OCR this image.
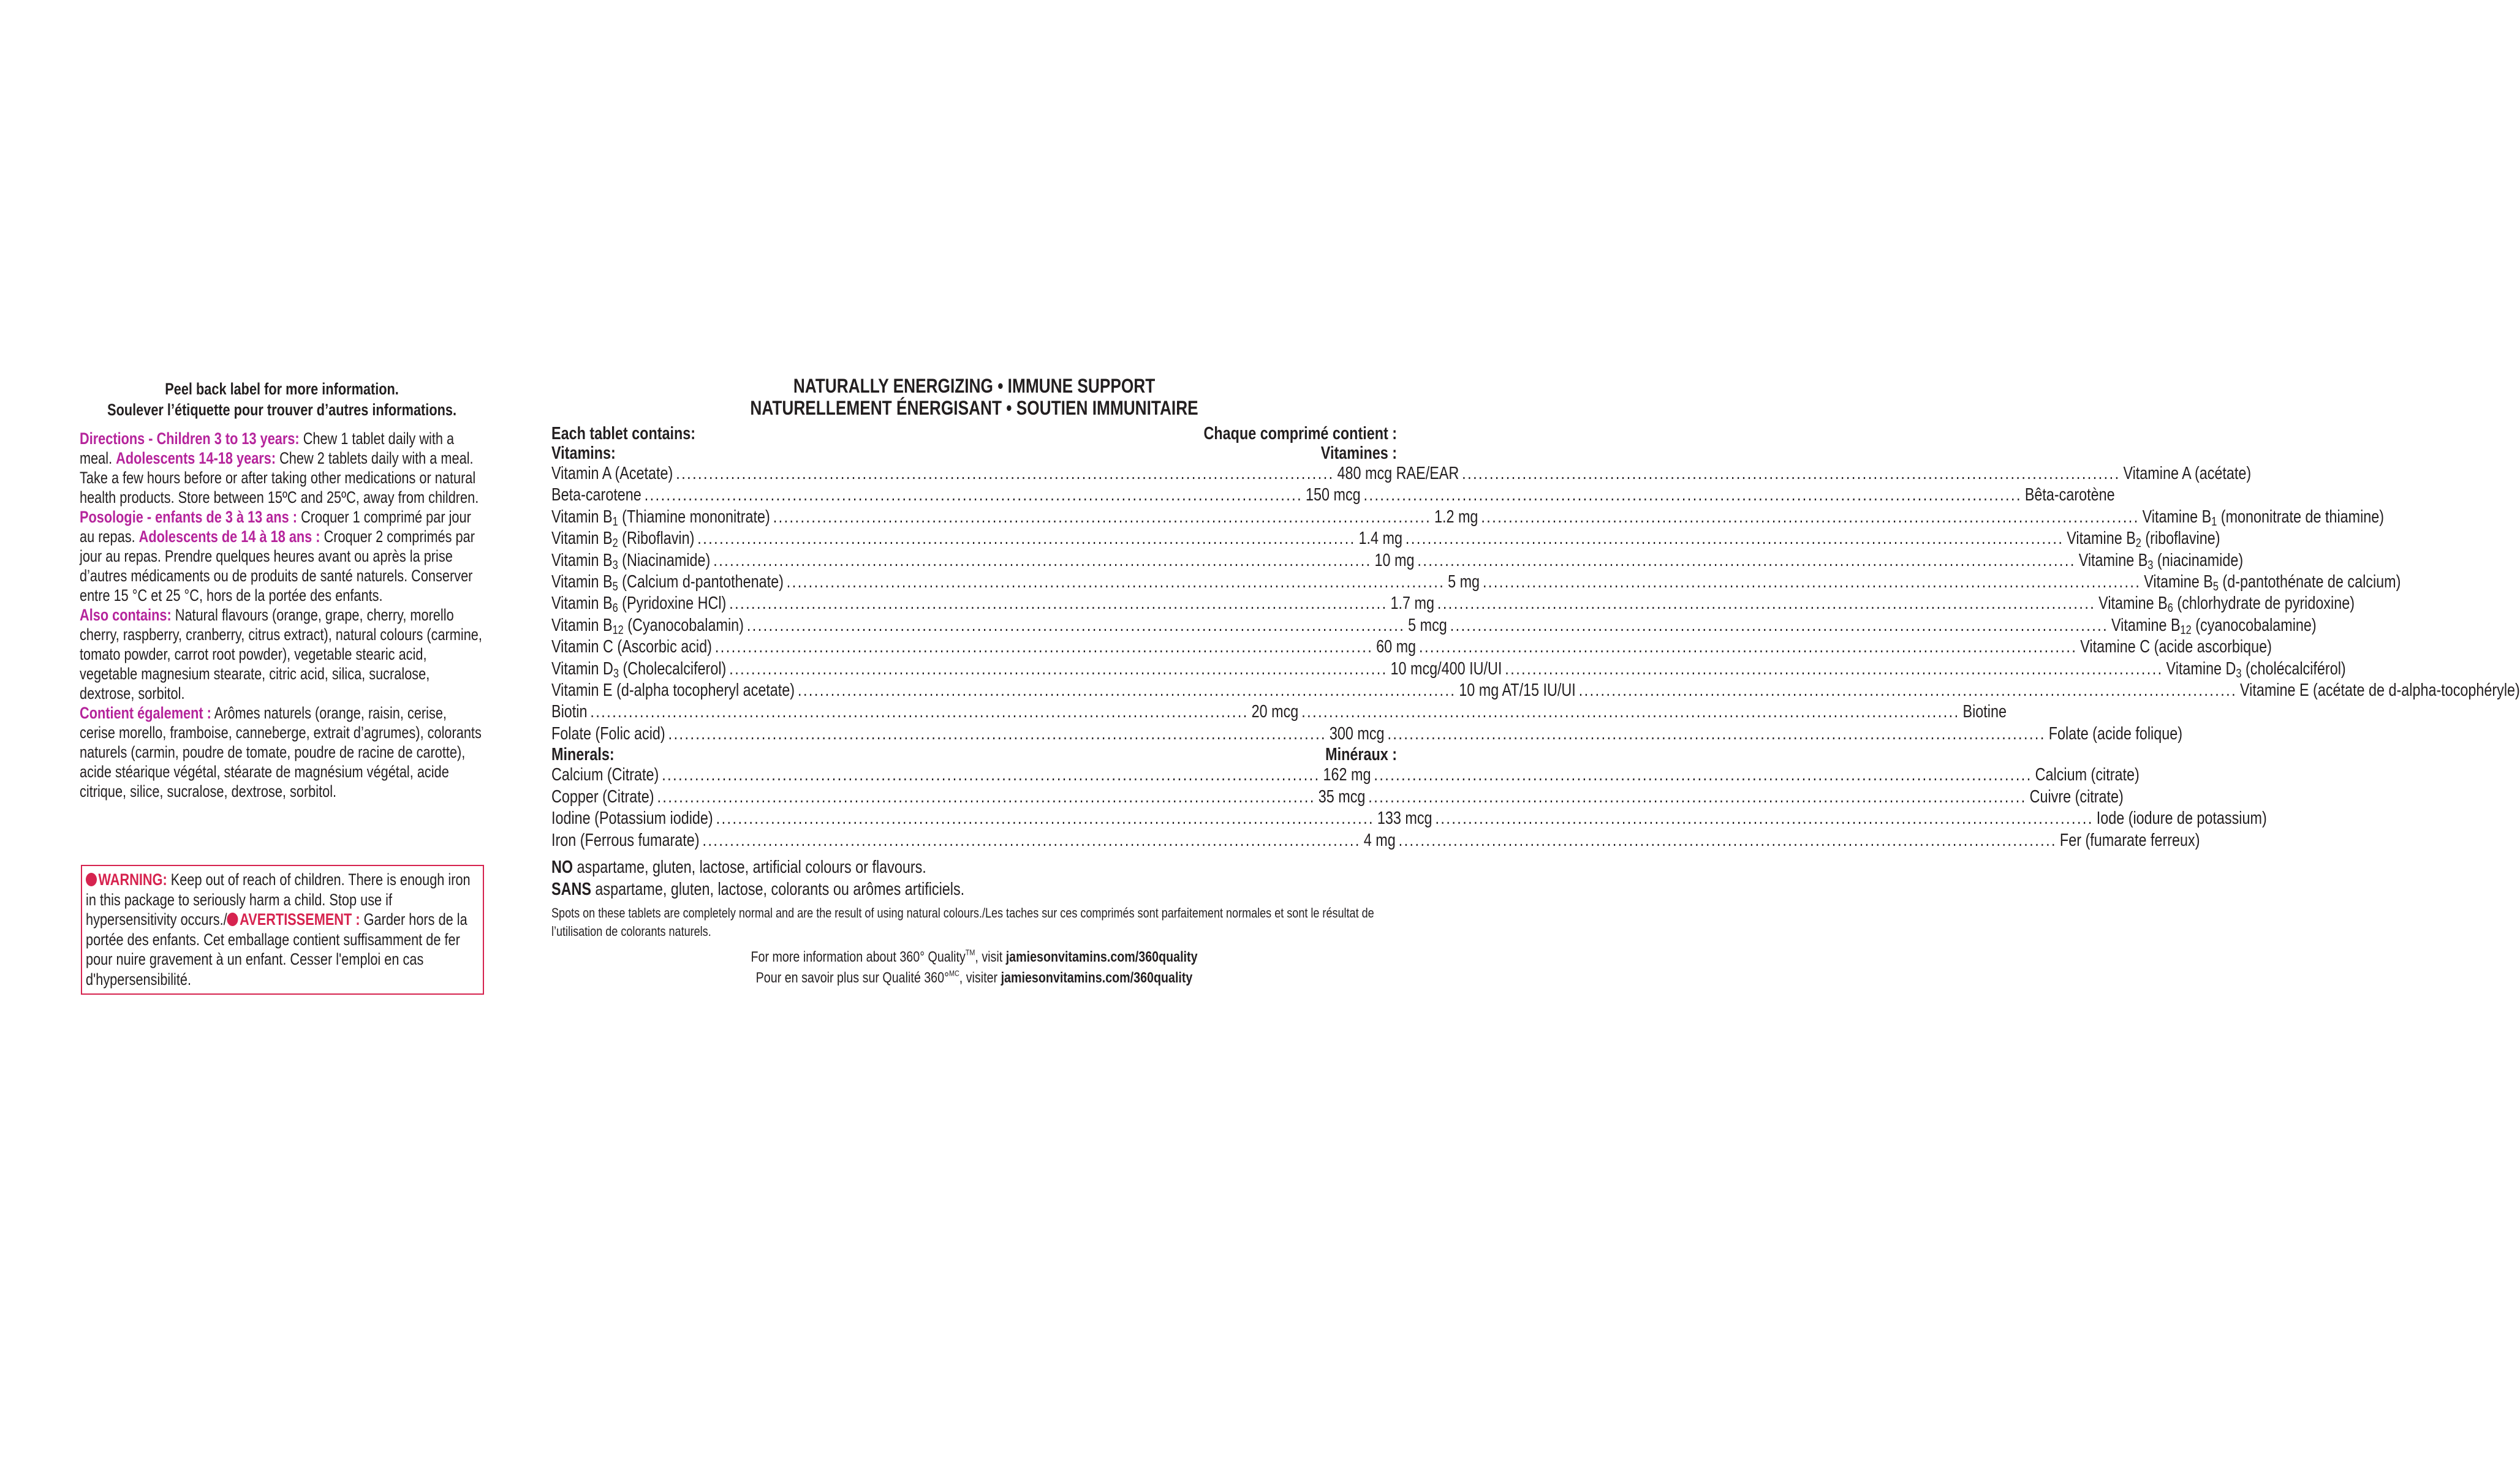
Peel back label for more information.
Soulever l’étiquette pour trouver d’autres informations.

Directions - Children 3 to 13 years: Chew 1 tablet daily with a meal. Adolescents 14-18 years: Chew 2 tablets daily with a meal. Take a few hours before or after taking other medications or natural health products. Store between 15ºC and 25ºC, away from children.

Posologie - enfants de 3 à 13 ans : Croquer 1 comprimé par jour au repas. Adolescents de 14 à 18 ans : Croquer 2 comprimés par jour au repas. Prendre quelques heures avant ou après la prise d’autres médicaments ou de produits de santé naturels. Conserver entre 15 °C et 25 °C, hors de la portée des enfants.

Also contains: Natural flavours (orange, grape, cherry, morello cherry, raspberry, cranberry, citrus extract), natural colours (carmine, tomato powder, carrot root powder), vegetable stearic acid, vegetable magnesium stearate, citric acid, silica, sucralose, dextrose, sorbitol.

Contient également : Arômes naturels (orange, raisin, cerise, cerise morello, framboise, canneberge, extrait d’agrumes), colorants naturels (carmin, poudre de tomate, poudre de racine de carotte), acide stéarique végétal, stéarate de magnésium végétal, acide citrique, silice, sucralose, dextrose, sorbitol.

WARNING: Keep out of reach of children. There is enough iron in this package to seriously harm a child. Stop use if hypersensitivity occurs./ AVERTISSEMENT : Garder hors de la portée des enfants. Cet emballage contient suffisamment de fer pour nuire gravement à un enfant. Cesser l'emploi en cas d'hypersensibilité.
NATURALLY ENERGIZING • IMMUNE SUPPORT
NATURELLEMENT ÉNERGISANT • SOUTIEN IMMUNITAIRE
Each tablet contains:	Chaque comprimé contient :
Vitamins:	Vitamines :
Vitamin A (Acetate) ........................................................................................................................ 480 mcg RAE/EAR ........................................................................................................................ Vitamine A (acétate)
Beta-carotene ........................................................................................................................ 150 mcg ........................................................................................................................ Bêta-carotène
Vitamin $B_1$ (Thiamine mononitrate) ........................................................................................................................ 1.2 mg ........................................................................................................................ Vitamine $B_1$ (mononitrate de thiamine)
Vitamin $B_2$ (Riboflavin) ........................................................................................................................ 1.4 mg ........................................................................................................................ Vitamine $B_2$ (riboflavine)
Vitamin $B_3$ (Niacinamide) ........................................................................................................................ 10 mg ........................................................................................................................ Vitamine $B_3$ (niacinamide)
Vitamin $B_5$ (Calcium d-pantothenate) ........................................................................................................................ 5 mg ........................................................................................................................ Vitamine $B_5$ (d-pantothénate de calcium)
Vitamin $B_6$ (Pyridoxine HCl) ........................................................................................................................ 1.7 mg ........................................................................................................................ Vitamine $B_6$ (chlorhydrate de pyridoxine)
Vitamin $B_{12}$ (Cyanocobalamin) ........................................................................................................................ 5 mcg ........................................................................................................................ Vitamine $B_{12}$ (cyanocobalamine)
Vitamin C (Ascorbic acid) ........................................................................................................................ 60 mg ........................................................................................................................ Vitamine C (acide ascorbique)
Vitamin $D_3$ (Cholecalciferol) ........................................................................................................................ 10 mcg/400 IU/UI ........................................................................................................................ Vitamine $D_3$ (cholécalciférol)
Vitamin E (d-alpha tocopheryl acetate) ........................................................................................................................ 10 mg AT/15 IU/UI ........................................................................................................................ Vitamine E (acétate de d-alpha-tocophéryle)
Biotin ........................................................................................................................ 20 mcg ........................................................................................................................ Biotine
Folate (Folic acid) ........................................................................................................................ 300 mcg ........................................................................................................................ Folate (acide folique)
Minerals:	Minéraux :
Calcium (Citrate) ........................................................................................................................ 162 mg ........................................................................................................................ Calcium (citrate)
Copper (Citrate) ........................................................................................................................ 35 mcg ........................................................................................................................ Cuivre (citrate)
Iodine (Potassium iodide) ........................................................................................................................ 133 mcg ........................................................................................................................ Iode (iodure de potassium)
Iron (Ferrous fumarate) ........................................................................................................................ 4 mg ........................................................................................................................ Fer (fumarate ferreux)
NO aspartame, gluten, lactose, artificial colours or flavours.
SANS aspartame, gluten, lactose, colorants ou arômes artificiels.
Spots on these tablets are completely normal and are the result of using natural colours./Les taches sur ces comprimés sont parfaitement normales et sont le résultat de l’utilisation de colorants naturels.
For more information about 360° Quality™, visit jamiesonvitamins.com/360quality
Pour en savoir plus sur Qualité 360°$^{MC}$, visiter jamiesonvitamins.com/360quality
